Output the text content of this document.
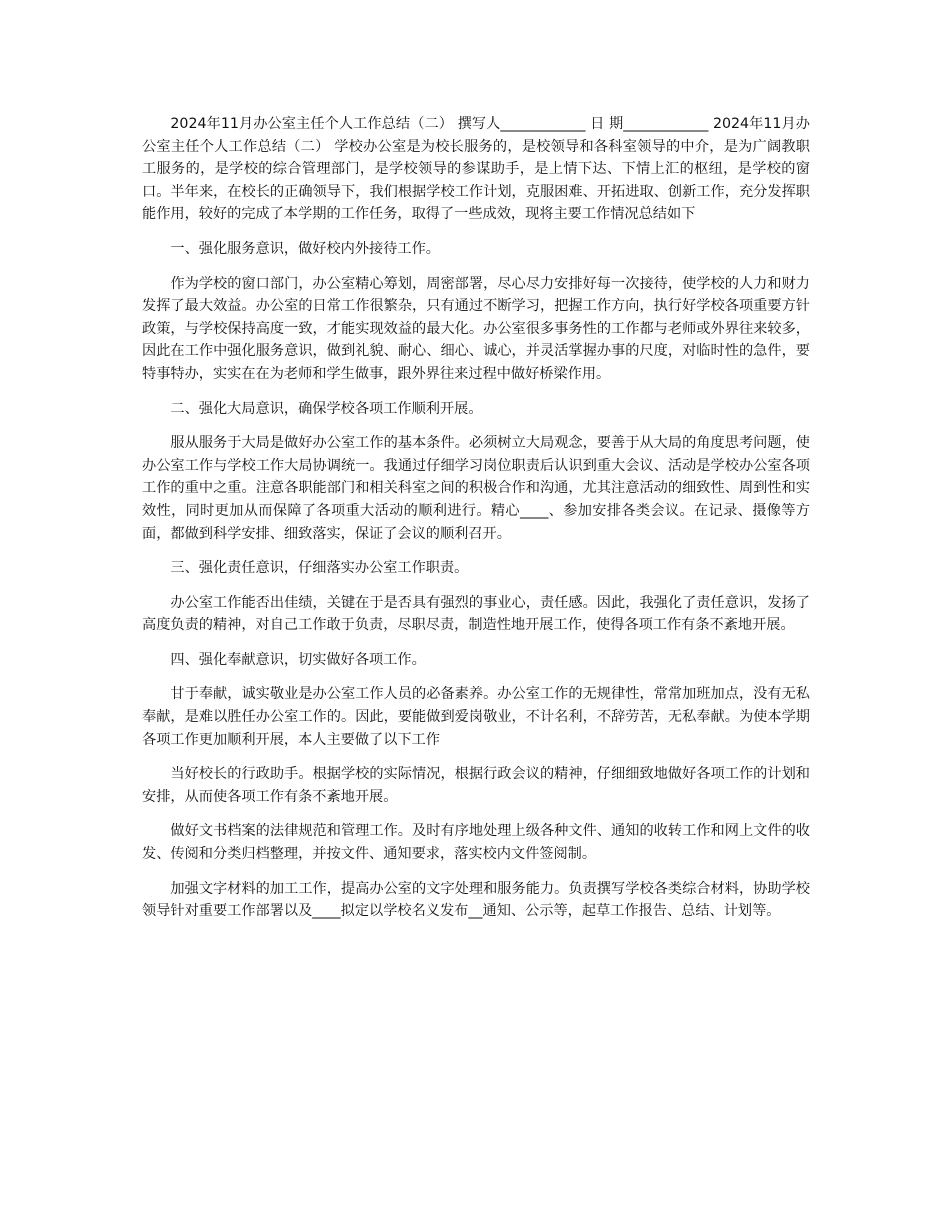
2024年11月办公室主任个人工作总结（二） 撰写人____________ 日 期____________ 2024年11月办公室主任个人工作总结（二） 学校办公室是为校长服务的，是校领导和各科室领导的中介，是为广阔教职工服务的，是学校的综合管理部门，是学校领导的参谋助手，是上情下达、下情上汇的枢纽，是学校的窗口。半年来，在校长的正确领导下，我们根据学校工作计划，克服困难、开拓进取、创新工作，充分发挥职能作用，较好的完成了本学期的工作任务，取得了一些成效，现将主要工作情况总结如下

一、强化服务意识，做好校内外接待工作。

作为学校的窗口部门，办公室精心筹划，周密部署，尽心尽力安排好每一次接待，使学校的人力和财力发挥了最大效益。办公室的日常工作很繁杂，只有通过不断学习，把握工作方向，执行好学校各项重要方针政策，与学校保持高度一致，才能实现效益的最大化。办公室很多事务性的工作都与老师或外界往来较多，因此在工作中强化服务意识，做到礼貌、耐心、细心、诚心，并灵活掌握办事的尺度，对临时性的急件，要特事特办，实实在在为老师和学生做事，跟外界往来过程中做好桥梁作用。

二、强化大局意识，确保学校各项工作顺利开展。

服从服务于大局是做好办公室工作的基本条件。必须树立大局观念，要善于从大局的角度思考问题，使办公室工作与学校工作大局协调统一。我通过仔细学习岗位职责后认识到重大会议、活动是学校办公室各项工作的重中之重。注意各职能部门和相关科室之间的积极合作和沟通，尤其注意活动的细致性、周到性和实效性，同时更加从而保障了各项重大活动的顺利进行。精心____、参加安排各类会议。在记录、摄像等方面，都做到科学安排、细致落实，保证了会议的顺利召开。

三、强化责任意识，仔细落实办公室工作职责。

办公室工作能否出佳绩，关键在于是否具有强烈的事业心，责任感。因此，我强化了责任意识，发扬了高度负责的精神，对自己工作敢于负责，尽职尽责，制造性地开展工作，使得各项工作有条不紊地开展。

四、强化奉献意识，切实做好各项工作。

甘于奉献，诚实敬业是办公室工作人员的必备素养。办公室工作的无规律性，常常加班加点，没有无私奉献，是难以胜任办公室工作的。因此，要能做到爱岗敬业，不计名利，不辞劳苦，无私奉献。为使本学期各项工作更加顺利开展，本人主要做了以下工作

当好校长的行政助手。根据学校的实际情况，根据行政会议的精神，仔细细致地做好各项工作的计划和安排，从而使各项工作有条不紊地开展。

做好文书档案的法律规范和管理工作。及时有序地处理上级各种文件、通知的收转工作和网上文件的收发、传阅和分类归档整理，并按文件、通知要求，落实校内文件签阅制。

加强文字材料的加工工作，提高办公室的文字处理和服务能力。负责撰写学校各类综合材料，协助学校领导针对重要工作部署以及____拟定以学校名义发布__通知、公示等，起草工作报告、总结、计划等。
